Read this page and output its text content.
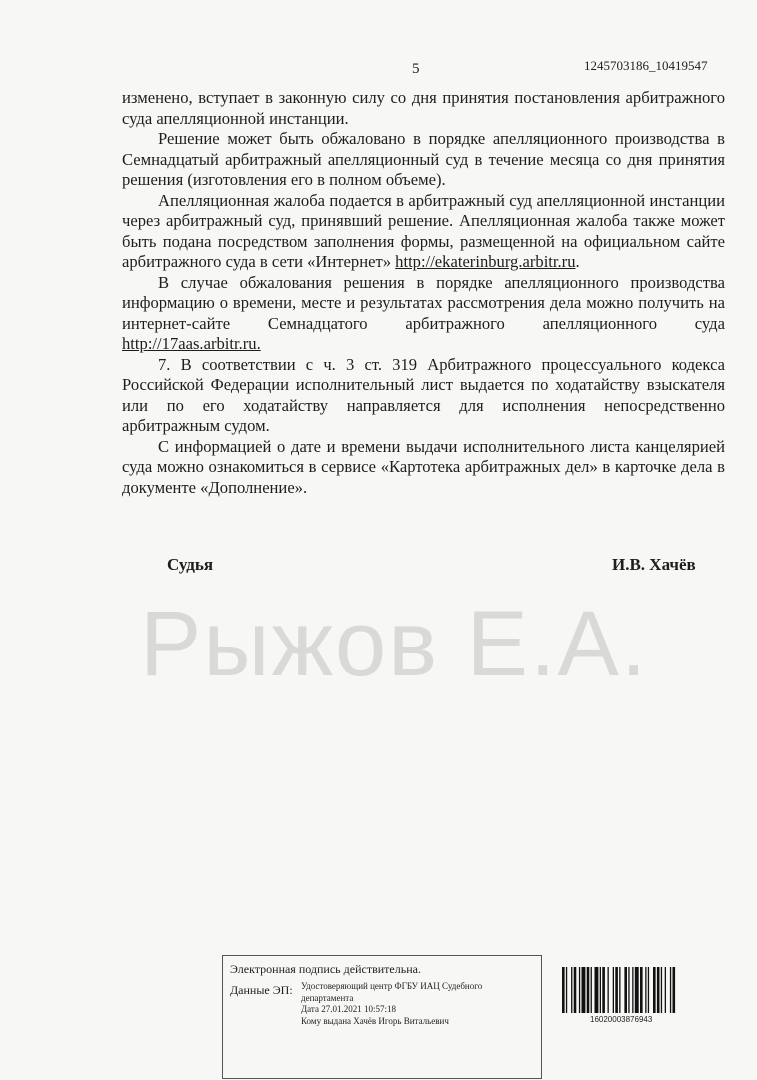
5	1245703186_10419547

изменено, вступает в законную силу со дня принятия постановления арбитражного суда апелляционной инстанции.

Решение может быть обжаловано в порядке апелляционного производства в Семнадцатый арбитражный апелляционный суд в течение месяца со дня принятия решения (изготовления его в полном объеме).

Апелляционная жалоба подается в арбитражный суд апелляционной инстанции через арбитражный суд, принявший решение. Апелляционная жалоба также может быть подана посредством заполнения формы, размещенной на официальном сайте арбитражного суда в сети «Интернет» http://ekaterinburg.arbitr.ru.

В случае обжалования решения в порядке апелляционного производства информацию о времени, месте и результатах рассмотрения дела можно получить на интернет-сайте Семнадцатого арбитражного апелляционного суда http://17aas.arbitr.ru.

7. В соответствии с ч. 3 ст. 319 Арбитражного процессуального кодекса Российской Федерации исполнительный лист выдается по ходатайству взыскателя или по его ходатайству направляется для исполнения непосредственно арбитражным судом.

С информацией о дате и времени выдачи исполнительного листа канцелярией суда можно ознакомиться в сервисе «Картотека арбитражных дел» в карточке дела в документе «Дополнение».

Судья	И.В. Хачёв
Рыжов Е.А.
Электронная подпись действительна.
Данные ЭП: Удостоверяющий центр ФГБУ ИАЦ Судебного департамента
Дата 27.01.2021 10:57:18
Кому выдана Хачёв Игорь Витальевич	16020003876943
